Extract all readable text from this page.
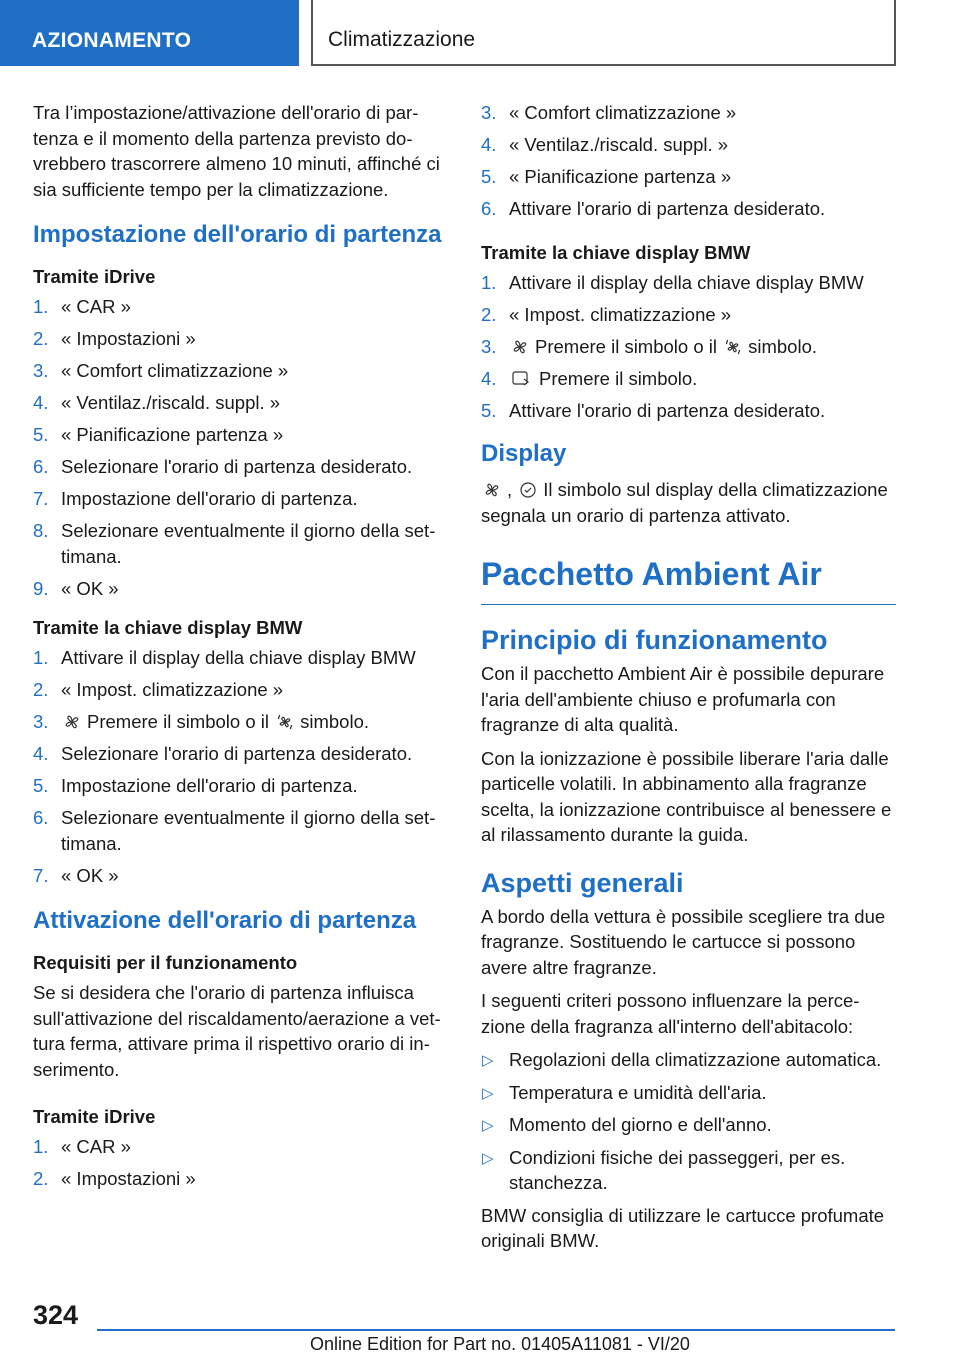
AZIONAMENTO	Climatizzazione

Tra l’impostazione/attivazione dell'orario di partenza e il momento della partenza previsto dovrebbero trascorrere almeno 10 minuti, affinché ci sia sufficiente tempo per la climatizzazione.

Impostazione dell'orario di partenza
Tramite iDrive
1. « CAR »
2. « Impostazioni »
3. « Comfort climatizzazione »
4. « Ventilaz./riscald. suppl. »
5. « Pianificazione partenza »
6. Selezionare l'orario di partenza desiderato.
7. Impostazione dell'orario di partenza.
8. Selezionare eventualmente il giorno della settimana.
9. « OK »
Tramite la chiave display BMW
1. Attivare il display della chiave display BMW
2. « Impost. climatizzazione »
3. Premere il simbolo o il simbolo.
4. Selezionare l'orario di partenza desiderato.
5. Impostazione dell'orario di partenza.
6. Selezionare eventualmente il giorno della settimana.
7. « OK »
Attivazione dell'orario di partenza
Requisiti per il funzionamento

Se si desidera che l'orario di partenza influisca sull'attivazione del riscaldamento/aerazione a vettura ferma, attivare prima il rispettivo orario di inserimento.

Tramite iDrive
1. « CAR »
2. « Impostazioni »
3. « Comfort climatizzazione »
4. « Ventilaz./riscald. suppl. »
5. « Pianificazione partenza »
6. Attivare l'orario di partenza desiderato.
Tramite la chiave display BMW
1. Attivare il display della chiave display BMW
2. « Impost. climatizzazione »
3. Premere il simbolo o il simbolo.
4. Premere il simbolo.
5. Attivare l'orario di partenza desiderato.
Display

, Il simbolo sul display della climatizzazione segnala un orario di partenza attivato.

Pacchetto Ambient Air
Principio di funzionamento

Con il pacchetto Ambient Air è possibile depurare l'aria dell'ambiente chiuso e profumarla con fragranze di alta qualità.

Con la ionizzazione è possibile liberare l'aria dalle particelle volatili. In abbinamento alla fragranze scelta, la ionizzazione contribuisce al benessere e al rilassamento durante la guida.

Aspetti generali

A bordo della vettura è possibile scegliere tra due fragranze. Sostituendo le cartucce si possono avere altre fragranze.

I seguenti criteri possono influenzare la percezione della fragranza all'interno dell'abitacolo:

▷ Regolazioni della climatizzazione automatica.
▷ Temperatura e umidità dell'aria.
▷ Momento del giorno e dell'anno.
▷ Condizioni fisiche dei passeggeri, per es. stanchezza.

BMW consiglia di utilizzare le cartucce profumate originali BMW.

324
Online Edition for Part no. 01405A11081 - VI/20
